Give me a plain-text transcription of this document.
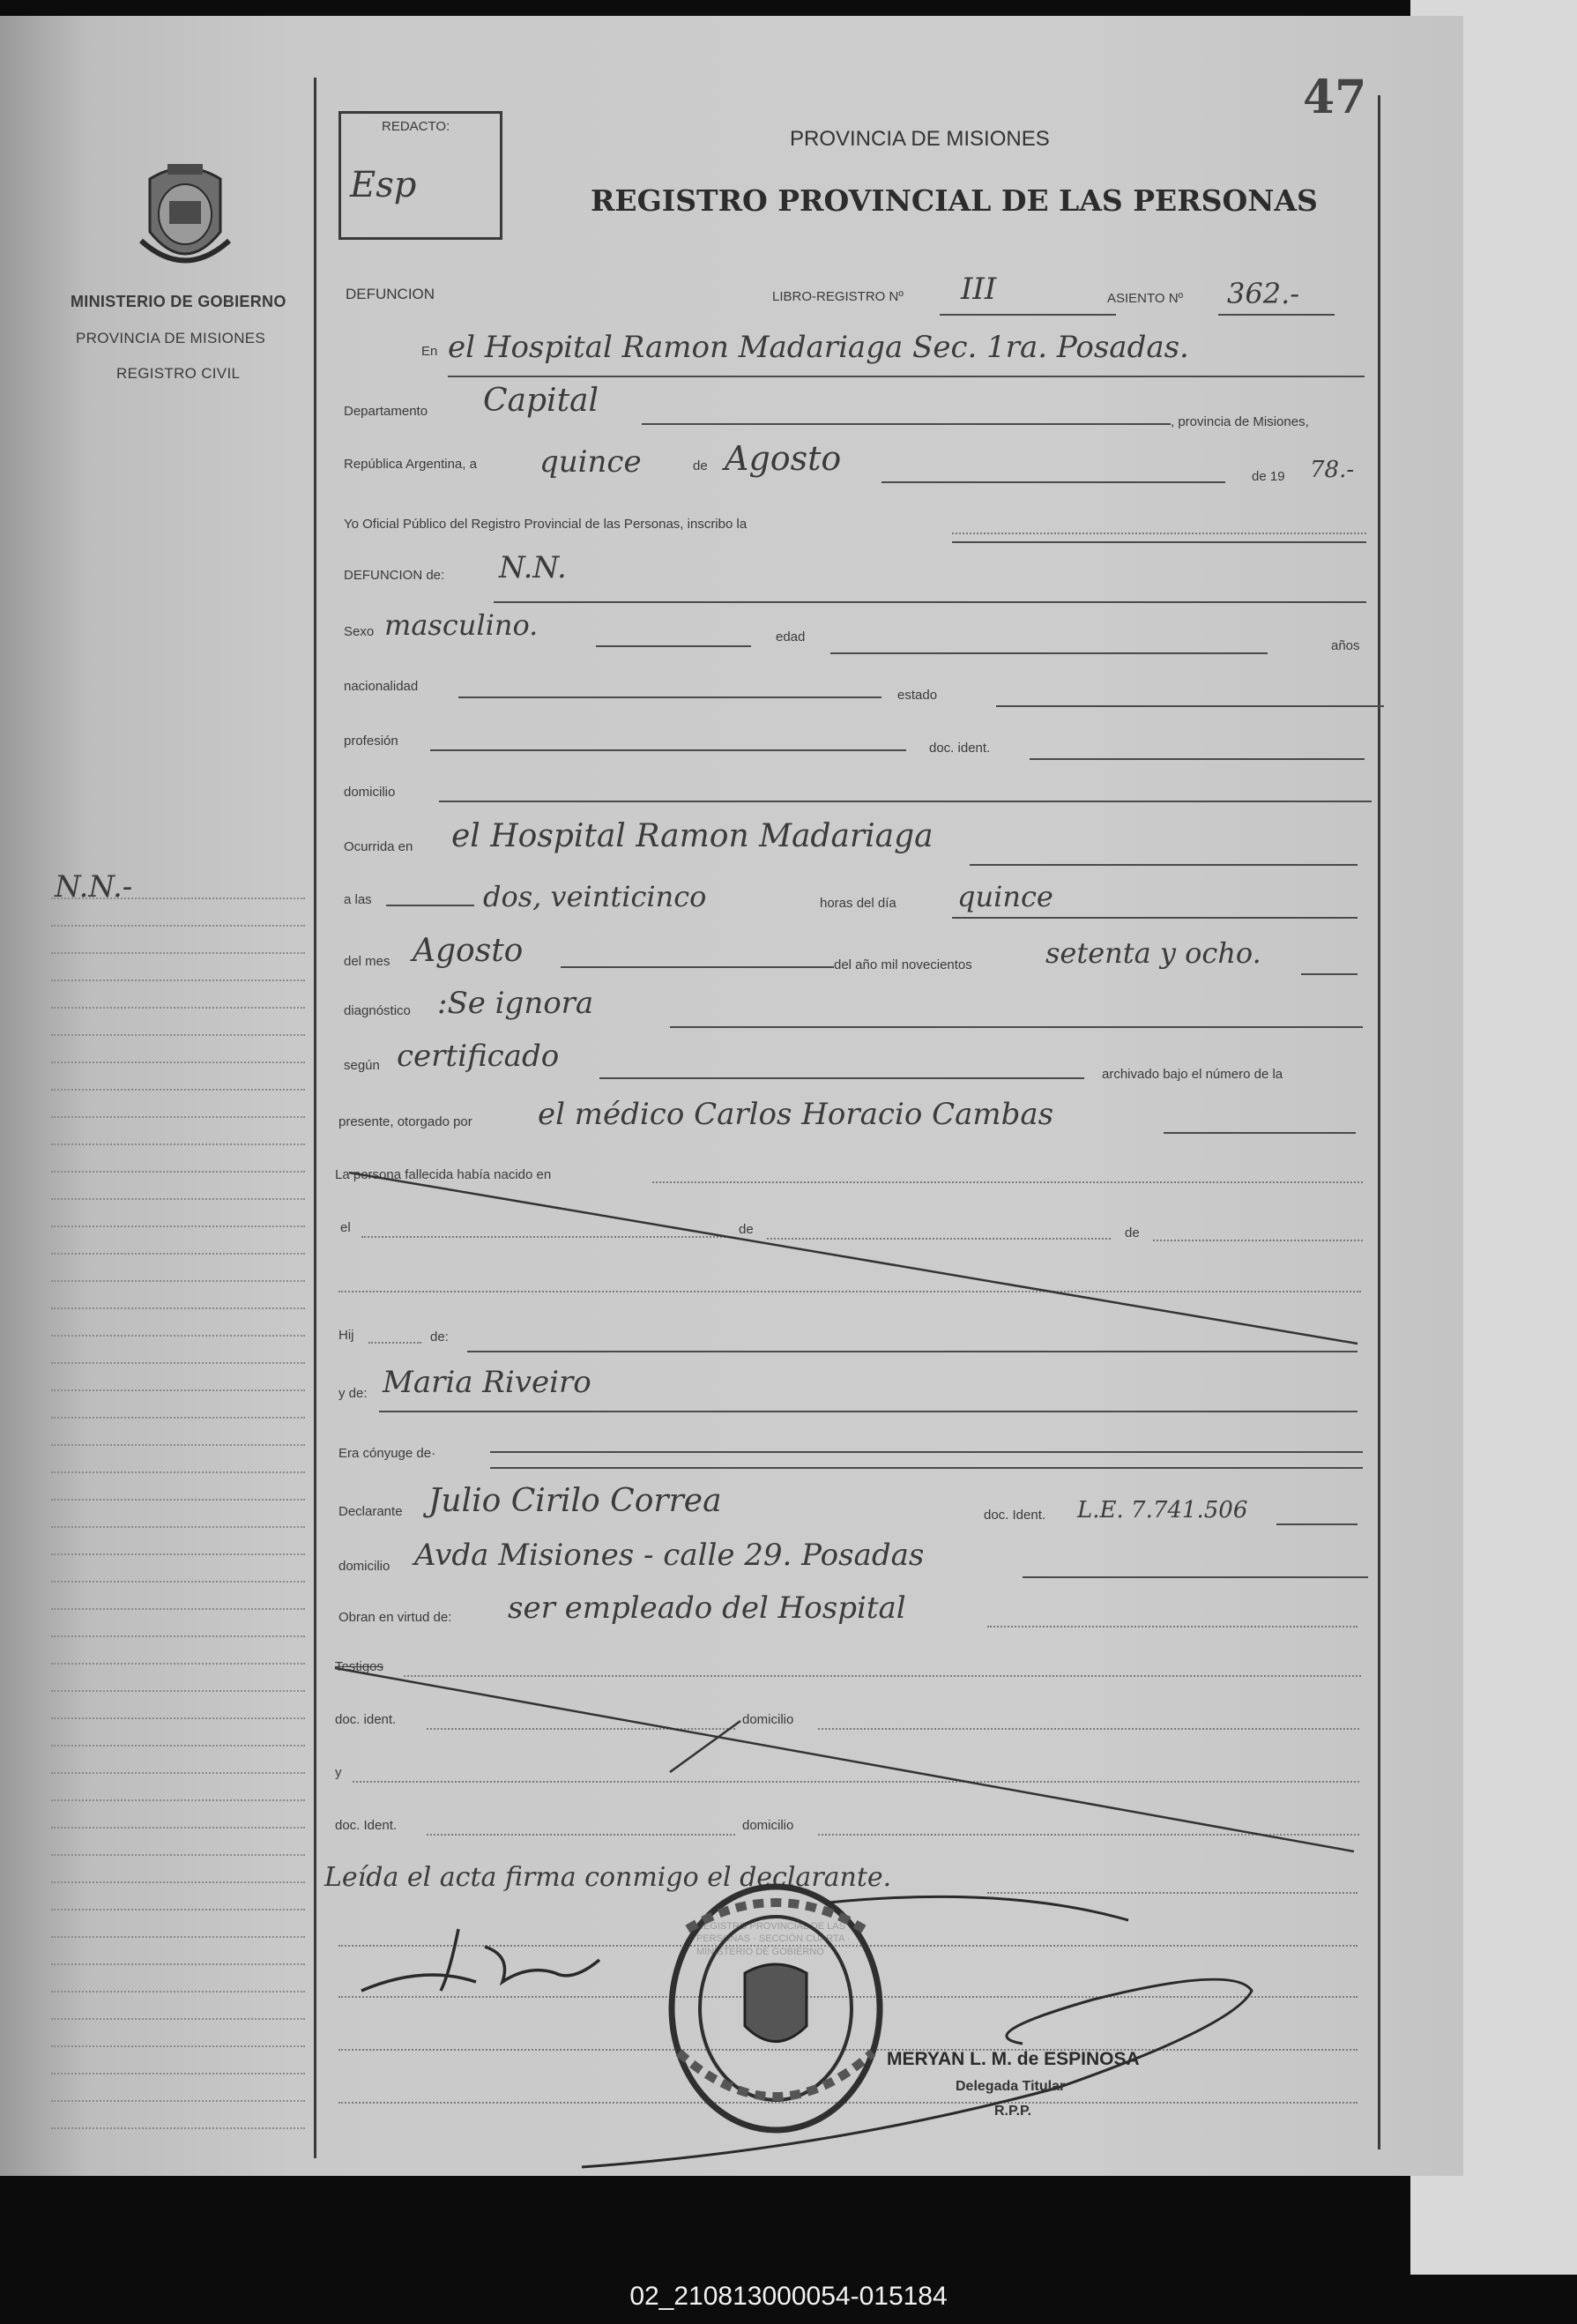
MINISTERIO DE GOBIERNO
PROVINCIA DE MISIONES
REGISTRO CIVIL
N.N.-
47
REDACTO:
Esp
PROVINCIA DE MISIONES
REGISTRO PROVINCIAL DE LAS PERSONAS
DEFUNCION	LIBRO-REGISTRO Nº III	ASIENTO Nº 362.-
En el Hospital Ramon Madariaga Sec. 1ra. Posadas.
Departamento Capital
, provincia de Misiones,
República Argentina, a quince	de Agosto	de 19 78.-
Yo Oficial Público del Registro Provincial de las Personas, inscribo la
DEFUNCION de: N.N.
Sexo masculino.	edad
años
nacionalidad
estado
profesión	doc. ident.
domicilio
Ocurrida en el Hospital Ramon Madariaga
a las	dos, veinticinco	horas del día quince
del mes Agosto	del año mil novecientos	setenta y ocho.
diagnóstico :Se ignora
según certificado
archivado bajo el número de la
presente, otorgado por el médico Carlos Horacio Cambas
La persona fallecida había nacido en
el	de	de
Hij	de:
y de: Maria Riveiro
Era cónyuge de·
Declarante Julio Cirilo Correa	doc. Ident. L.E. 7.741.506
domicilio Avda Misiones - calle 29. Posadas
Obran en virtud de: ser empleado del Hospital
Testigos
doc. ident.	domicilio
y
doc. Ident.	domicilio
Leída el acta firma conmigo el declarante.
REGISTRO PROVINCIAL DE LAS PERSONAS · SECCIÓN CUARTA · MINISTERIO DE GOBIERNO
MERYAN L. M. de ESPINOSA
Delegada Titular
R.P.P.
02_210813000054-015184
